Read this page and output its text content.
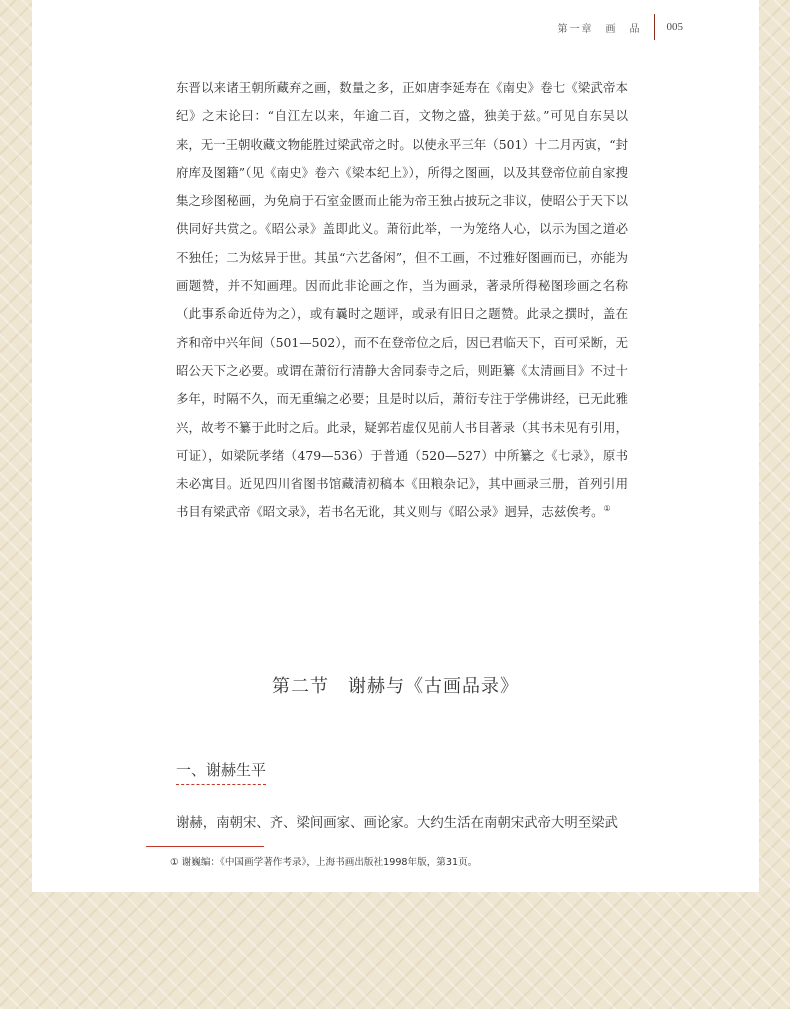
第一章　画　品 005

东晋以来诸王朝所藏弃之画，数量之多，正如唐李延寿在《南史》卷七《梁武帝本纪》之末论曰：“自江左以来，年逾二百，文物之盛，独美于兹。”可见自东吴以来，无一王朝收藏文物能胜过梁武帝之时。以使永平三年（501）十二月丙寅，“封府库及图籍”（见《南史》卷六《梁本纪上》），所得之图画，以及其登帝位前自家搜集之珍图秘画，为免扃于石室金匮而止能为帝王独占披玩之非议，使昭公于天下以供同好共赏之。《昭公录》盖即此义。萧衍此举，一为笼络人心，以示为国之道必不独任；二为炫异于世。其虽“六艺备闲”，但不工画，不过雅好图画而已，亦能为画题赞，并不知画理。因而此非论画之作，当为画录，著录所得秘图珍画之名称（此事系命近侍为之），或有曩时之题评，或录有旧日之题赞。此录之撰时，盖在齐和帝中兴年间（501—502），而不在登帝位之后，因已君临天下，百可采断，无昭公天下之必要。或谓在萧衍行清静大舍同泰寺之后，则距纂《太清画目》不过十多年，时隔不久，而无重编之必要；且是时以后，萧衍专注于学佛讲经，已无此雅兴，故考不纂于此时之后。此录，疑郭若虚仅见前人书目著录（其书未见有引用，可证），如梁阮孝绪（479—536）于普通（520—527）中所纂之《七录》，原书未必寓目。近见四川省图书馆藏清初稿本《田粮杂记》，其中画录三册，首列引用书目有梁武帝《昭文录》，若书名无讹，其义则与《昭公录》迥异，志兹俟考。①

第二节　谢赫与《古画品录》
一、谢赫生平
谢赫，南朝宋、齐、梁间画家、画论家。大约生活在南朝宋武帝大明至梁武
① 谢巍编：《中国画学著作考录》，上海书画出版社1998年版，第31页。
